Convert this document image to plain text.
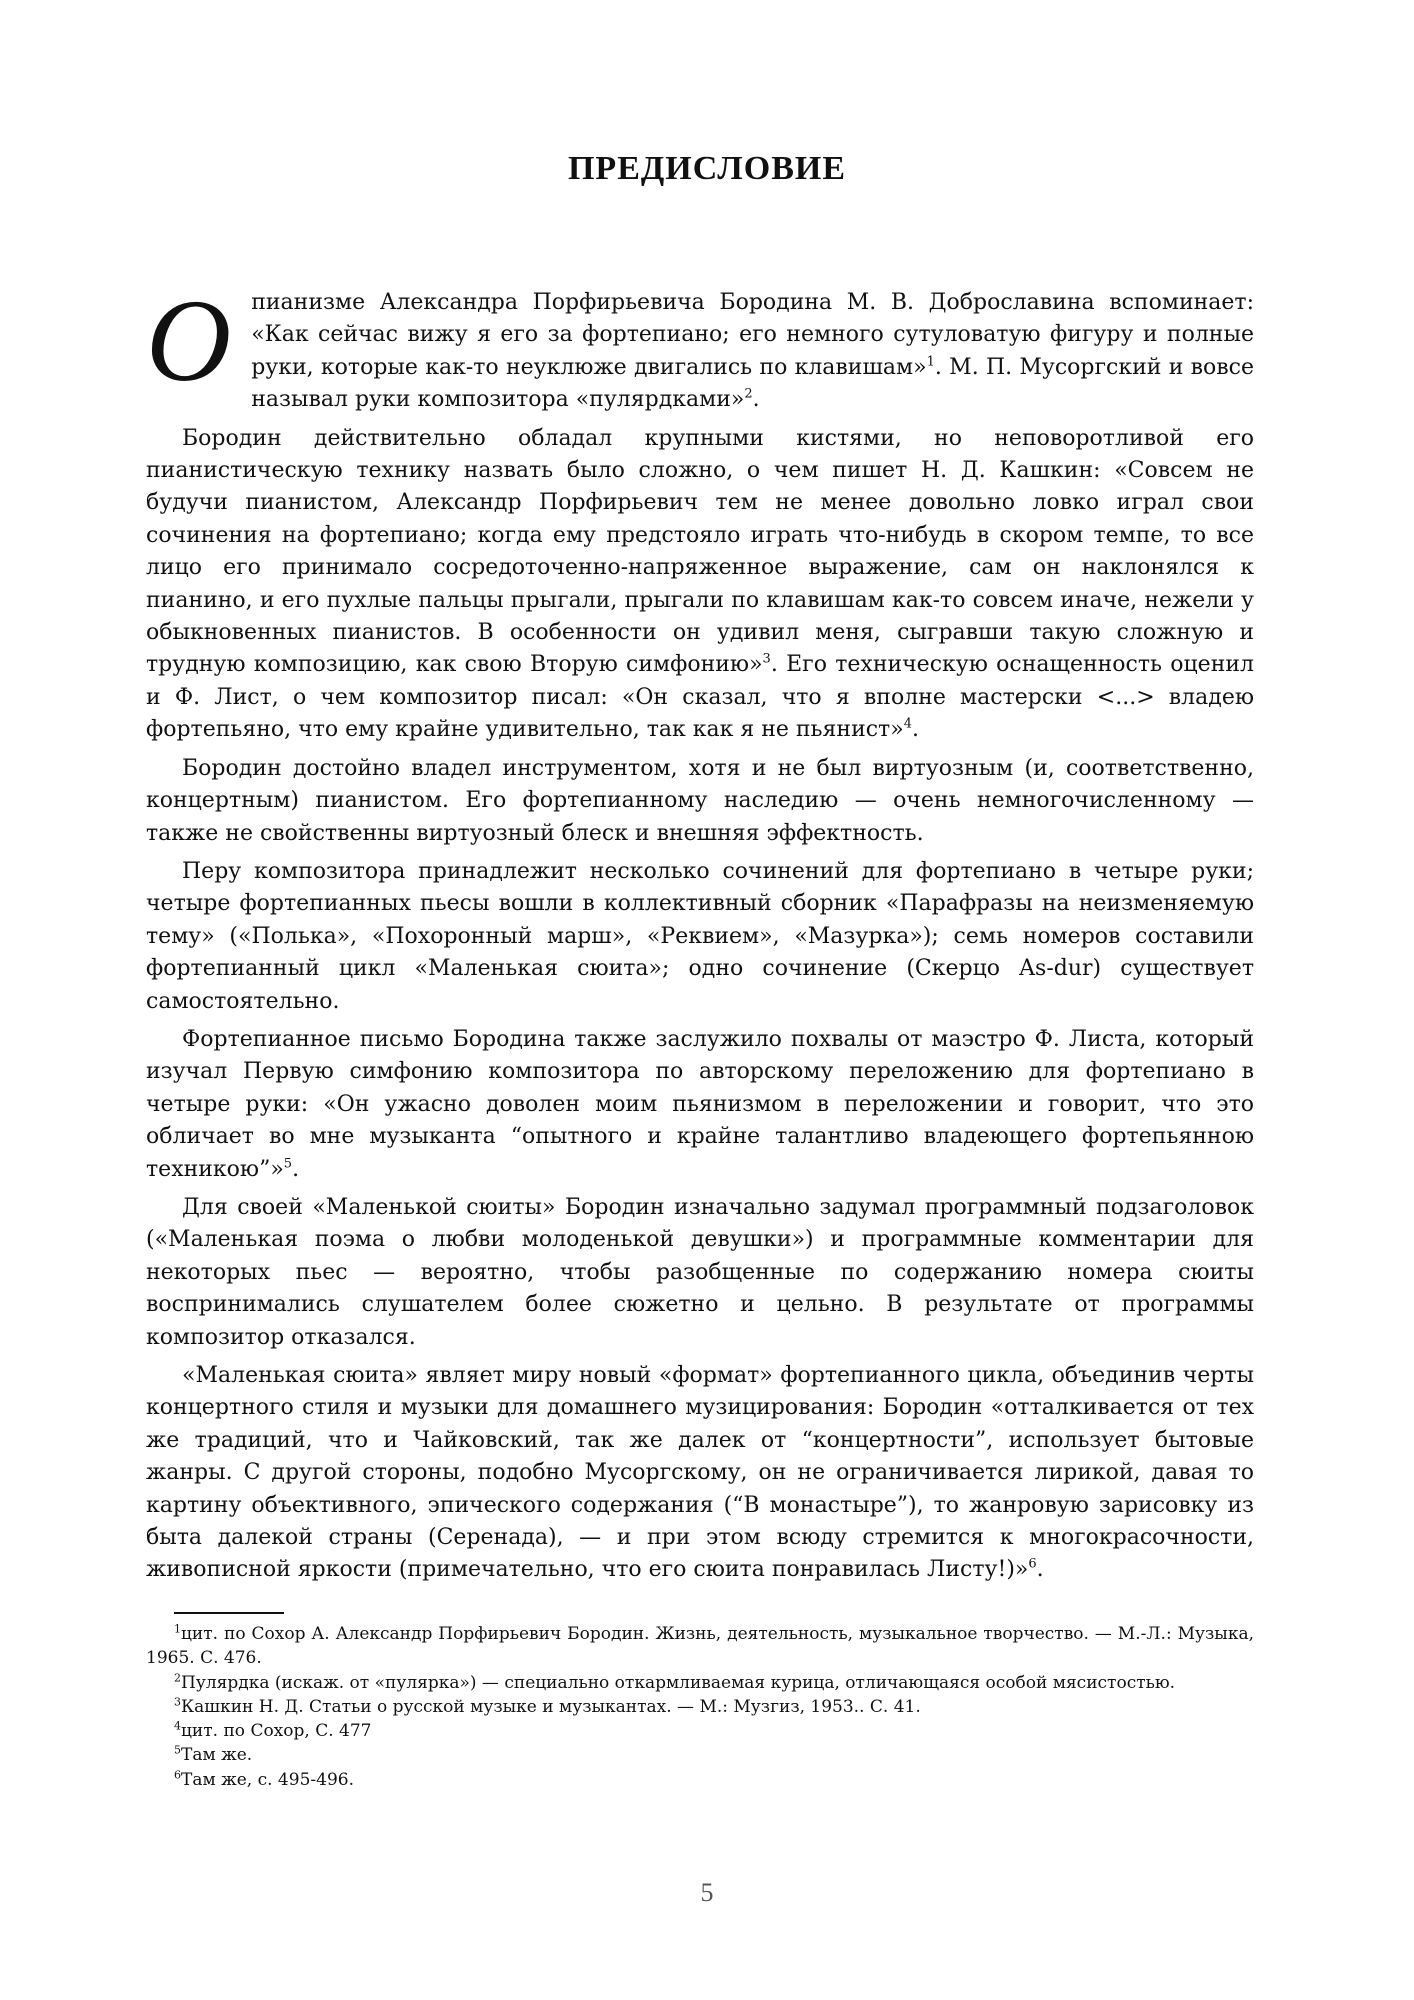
ПРЕДИСЛОВИЕ

Опианизме Александра Порфирьевича Бородина М. В. Доброславина вспоминает: «Как сейчас вижу я его за фортепиано; его немного сутуловатую фигуру и полные руки, которые как-то неуклюже двигались по клавишам»$^1$. М. П. Мусоргский и вовсе называл руки композитора «пулярдками»$^2$.

Бородин действительно обладал крупными кистями, но неповоротливой его пианистическую технику назвать было сложно, о чем пишет Н. Д. Кашкин: «Совсем не будучи пианистом, Александр Порфирьевич тем не менее довольно ловко играл свои сочинения на фортепиано; когда ему предстояло играть что-нибудь в скором темпе, то все лицо его принимало сосредоточенно-напряженное выражение, сам он наклонялся к пианино, и его пухлые пальцы прыгали, прыгали по клавишам как-то совсем иначе, нежели у обыкновенных пианистов. В особенности он удивил меня, сыгравши такую сложную и трудную композицию, как свою Вторую симфонию»$^3$. Его техническую оснащенность оценил и Ф. Лист, о чем композитор писал: «Он сказал, что я вполне мастерски <...> владею фортепьяно, что ему крайне удивительно, так как я не пьянист»$^4$.

Бородин достойно владел инструментом, хотя и не был виртуозным (и, соответственно, концертным) пианистом. Его фортепианному наследию — очень немногочисленному — также не свойственны виртуозный блеск и внешняя эффектность.

Перу композитора принадлежит несколько сочинений для фортепиано в четыре руки; четыре фортепианных пьесы вошли в коллективный сборник «Парафразы на неизменяемую тему» («Полька», «Похоронный марш», «Реквием», «Мазурка»); семь номеров составили фортепианный цикл «Маленькая сюита»; одно сочинение (Скерцо As-dur) существует самостоятельно.

Фортепианное письмо Бородина также заслужило похвалы от маэстро Ф. Листа, который изучал Первую симфонию композитора по авторскому переложению для фортепиано в четыре руки: «Он ужасно доволен моим пьянизмом в переложении и говорит, что это обличает во мне музыканта “опытного и крайне талантливо владеющего фортепьянною техникою”»$^5$.

Для своей «Маленькой сюиты» Бородин изначально задумал программный подзаголовок («Маленькая поэма о любви молоденькой девушки») и программные комментарии для некоторых пьес — вероятно, чтобы разобщенные по содержанию номера сюиты воспринимались слушателем более сюжетно и цельно. В результате от программы композитор отказался.

«Маленькая сюита» являет миру новый «формат» фортепианного цикла, объединив черты концертного стиля и музыки для домашнего музицирования: Бородин «отталкивается от тех же традиций, что и Чайковский, так же далек от “концертности”, использует бытовые жанры. С другой стороны, подобно Мусоргскому, он не ограничивается лирикой, давая то картину объективного, эпического содержания (“В монастыре”), то жанровую зарисовку из быта далекой страны (Серенада), — и при этом всюду стремится к многокрасочности, живописной яркости (примечательно, что его сюита понравилась Листу!)»$^6$.

$^1$цит. по Сохор А. Александр Порфирьевич Бородин. Жизнь, деятельность, музыкальное творчество. — М.-Л.: Музыка, 1965. С. 476.

$^2$Пулярдка (искаж. от «пулярка») — специально откармливаемая курица, отличающаяся особой мясистостью.

$^3$Кашкин Н. Д. Статьи о русской музыке и музыкантах. — М.: Музгиз, 1953.. С. 41.

$^4$цит. по Сохор, С. 477

$^5$Там же.

$^6$Там же, с. 495-496.

5
